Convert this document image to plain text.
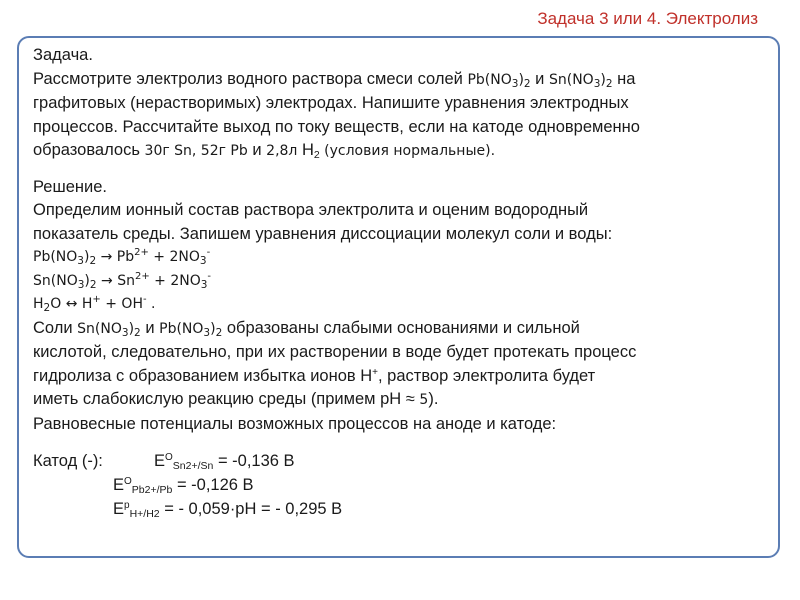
Задача 3 или 4. Электролиз
Задача.
Рассмотрите электролиз водного раствора смеси солей $Pb(NO_3)_2$ и $Sn(NO_3)_2$ на
графитовых (нерастворимых) электродах. Напишите уравнения электродных
процессов. Рассчитайте выход по току веществ, если на катоде одновременно
образовалось 30г Sn, 52г Pb и 2,8л $H_2$ (условия нормальные).
Решение.
Определим ионный состав раствора электролита и оценим водородный
показатель среды. Запишем уравнения диссоциации молекул соли и воды:
$Pb(NO_3)_2 \to Pb^{2+} + 2NO_3^-$
$Sn(NO_3)_2 \to Sn^{2+} + 2NO_3^-$
$H_2O$ ↔ H+ + OH- .
Соли $Sn(NO_3)_2$ и $Pb(NO_3)_2$ образованы слабыми основаниями и сильной
кислотой, следовательно, при их растворении в воде будет протекать процесс
гидролиза с образованием избытка ионов Н+, раствор электролита будет
иметь слабокислую реакцию среды (примем рН ≈ 5).
Равновесные потенциалы возможных процессов на аноде и катоде:
Катод (-):	$E^O_{Sn2+/Sn} = -0,136$ В
$E^O_{Pb2+/Pb} = -0,126$ В
$E^p_{H+/H2}$ = - 0,059·рН = - 0,295 В
